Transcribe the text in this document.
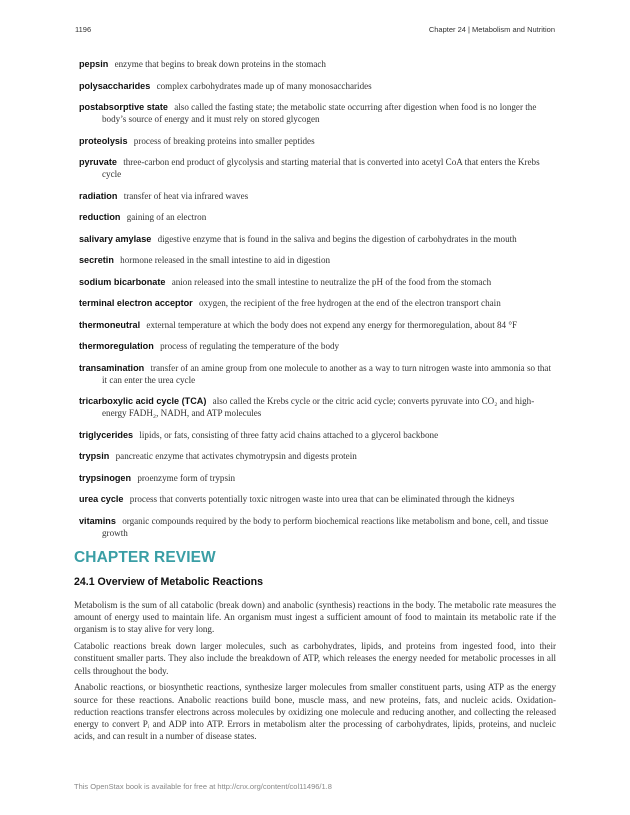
1196	Chapter 24 | Metabolism and Nutrition
pepsin enzyme that begins to break down proteins in the stomach
polysaccharides complex carbohydrates made up of many monosaccharides
postabsorptive state also called the fasting state; the metabolic state occurring after digestion when food is no longer the body’s source of energy and it must rely on stored glycogen
proteolysis process of breaking proteins into smaller peptides
pyruvate three-carbon end product of glycolysis and starting material that is converted into acetyl CoA that enters the Krebs cycle
radiation transfer of heat via infrared waves
reduction gaining of an electron
salivary amylase digestive enzyme that is found in the saliva and begins the digestion of carbohydrates in the mouth
secretin hormone released in the small intestine to aid in digestion
sodium bicarbonate anion released into the small intestine to neutralize the pH of the food from the stomach
terminal electron acceptor oxygen, the recipient of the free hydrogen at the end of the electron transport chain
thermoneutral external temperature at which the body does not expend any energy for thermoregulation, about 84 °F
thermoregulation process of regulating the temperature of the body
transamination transfer of an amine group from one molecule to another as a way to turn nitrogen waste into ammonia so that it can enter the urea cycle
tricarboxylic acid cycle (TCA) also called the Krebs cycle or the citric acid cycle; converts pyruvate into CO₂ and high-energy FADH₂, NADH, and ATP molecules
triglycerides lipids, or fats, consisting of three fatty acid chains attached to a glycerol backbone
trypsin pancreatic enzyme that activates chymotrypsin and digests protein
trypsinogen proenzyme form of trypsin
urea cycle process that converts potentially toxic nitrogen waste into urea that can be eliminated through the kidneys
vitamins organic compounds required by the body to perform biochemical reactions like metabolism and bone, cell, and tissue growth
CHAPTER REVIEW
24.1 Overview of Metabolic Reactions

Metabolism is the sum of all catabolic (break down) and anabolic (synthesis) reactions in the body. The metabolic rate measures the amount of energy used to maintain life. An organism must ingest a sufficient amount of food to maintain its metabolic rate if the organism is to stay alive for very long.

Catabolic reactions break down larger molecules, such as carbohydrates, lipids, and proteins from ingested food, into their constituent smaller parts. They also include the breakdown of ATP, which releases the energy needed for metabolic processes in all cells throughout the body.

Anabolic reactions, or biosynthetic reactions, synthesize larger molecules from smaller constituent parts, using ATP as the energy source for these reactions. Anabolic reactions build bone, muscle mass, and new proteins, fats, and nucleic acids. Oxidation-reduction reactions transfer electrons across molecules by oxidizing one molecule and reducing another, and collecting the released energy to convert Pᵢ and ADP into ATP. Errors in metabolism alter the processing of carbohydrates, lipids, proteins, and nucleic acids, and can result in a number of disease states.

This OpenStax book is available for free at http://cnx.org/content/col11496/1.8
